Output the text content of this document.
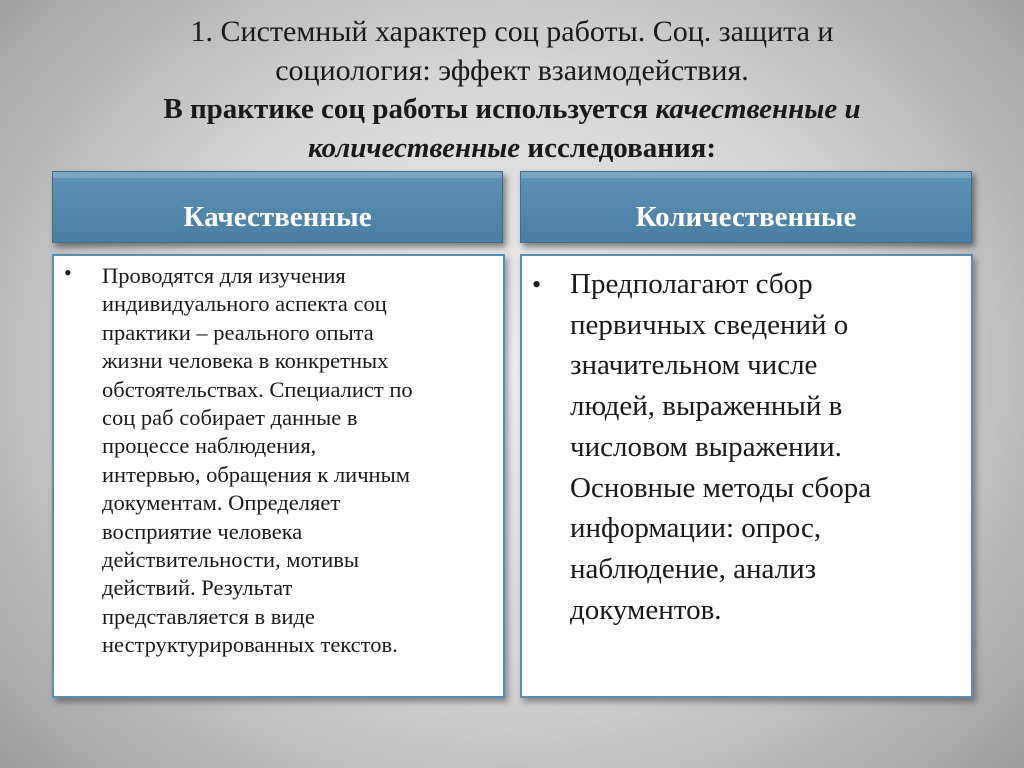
1. Системный характер соц работы. Соц. защита и
социология: эффект взаимодействия.
В практике соц работы используется качественные и
количественные исследования:
Качественные	Количественные
• Проводятся для изучения
индивидуального аспекта соц
практики – реального опыта
жизни человека в конкретных
обстоятельствах. Специалист по
соц раб собирает данные в
процессе наблюдения,
интервью, обращения к личным
документам. Определяет
восприятие человека
действительности, мотивы
действий. Результат
представляется в виде
неструктурированных текстов.
• Предполагают сбор
первичных сведений о
значительном числе
людей, выраженный в
числовом выражении.
Основные методы сбора
информации: опрос,
наблюдение, анализ
документов.
